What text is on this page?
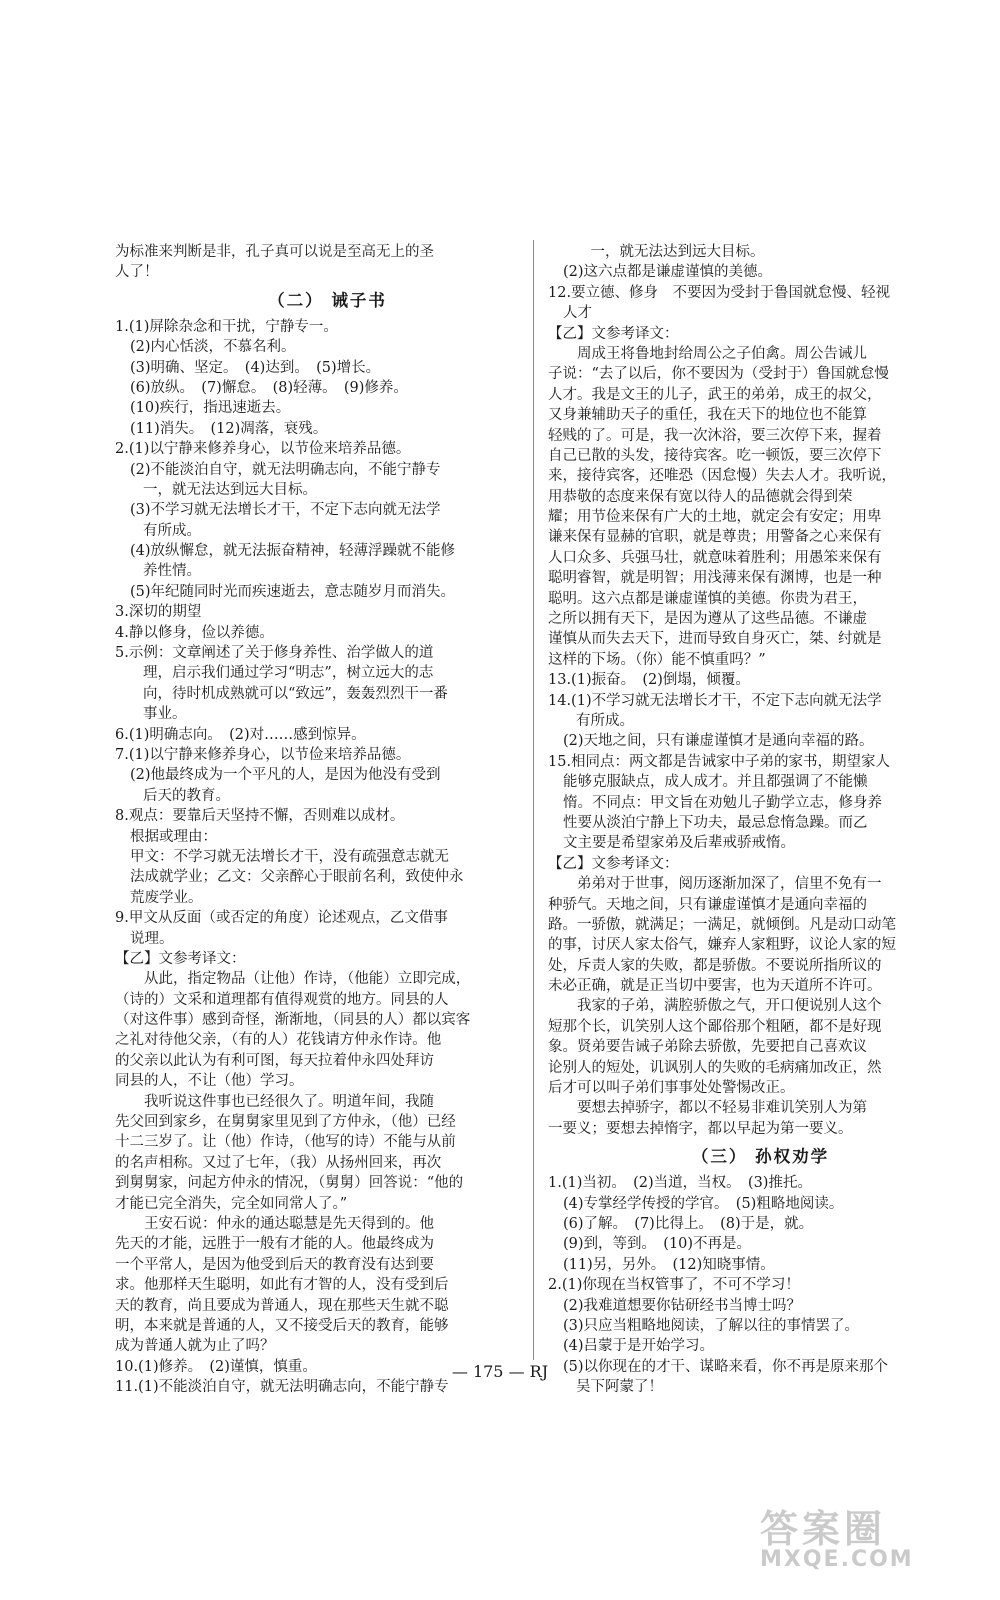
为标准来判断是非，孔子真可以说是至高无上的圣
人了！
（二） 诫子书
1.(1)屏除杂念和干扰，宁静专一。
(2)内心恬淡，不慕名利。
(3)明确、坚定。　(4)达到。　(5)增长。
(6)放纵。　(7)懈怠。　(8)轻薄。　(9)修养。
(10)疾行，指迅速逝去。
(11)消失。　(12)凋落，衰残。
2.(1)以宁静来修养身心，以节俭来培养品德。
(2)不能淡泊自守，就无法明确志向，不能宁静专
一，就无法达到远大目标。
(3)不学习就无法增长才干，不定下志向就无法学
有所成。
(4)放纵懈怠，就无法振奋精神，轻薄浮躁就不能修
养性情。
(5)年纪随同时光而疾速逝去，意志随岁月而消失。
3.深切的期望
4.静以修身，俭以养德。
5.示例：文章阐述了关于修身养性、治学做人的道
理，启示我们通过学习“明志”，树立远大的志
向，待时机成熟就可以“致远”，轰轰烈烈干一番
事业。
6.(1)明确志向。　(2)对……感到惊异。
7.(1)以宁静来修养身心，以节俭来培养品德。
(2)他最终成为一个平凡的人，是因为他没有受到
后天的教育。
8.观点：要靠后天坚持不懈，否则难以成材。
根据或理由：
甲文：不学习就无法增长才干，没有疏强意志就无
法成就学业；乙文：父亲醉心于眼前名利，致使仲永
荒废学业。
9.甲文从反面（或否定的角度）论述观点，乙文借事
说理。
【乙】文参考译文：
　　从此，指定物品（让他）作诗，（他能）立即完成，
（诗的）文采和道理都有值得观赏的地方。同县的人
（对这件事）感到奇怪，渐渐地，（同县的人）都以宾客
之礼对待他父亲，（有的人）花钱请方仲永作诗。他
的父亲以此认为有利可图，每天拉着仲永四处拜访
同县的人，不让（他）学习。
　　我听说这件事也已经很久了。明道年间，我随
先父回到家乡，在舅舅家里见到了方仲永，（他）已经
十二三岁了。让（他）作诗，（他写的诗）不能与从前
的名声相称。又过了七年，（我）从扬州回来，再次
到舅舅家，问起方仲永的情况，（舅舅）回答说：“他的
才能已完全消失，完全如同常人了。”
　　王安石说：仲永的通达聪慧是先天得到的。他
先天的才能，远胜于一般有才能的人。他最终成为
一个平常人，是因为他受到后天的教育没有达到要
求。他那样天生聪明，如此有才智的人，没有受到后
天的教育，尚且要成为普通人，现在那些天生就不聪
明，本来就是普通的人，又不接受后天的教育，能够
成为普通人就为止了吗？
10.(1)修养。　(2)谨慎，慎重。
11.(1)不能淡泊自守，就无法明确志向，不能宁静专
　一，就无法达到远大目标。
(2)这六点都是谦虚谨慎的美德。
12.要立德、修身　不要因为受封于鲁国就怠慢、轻视
人才
【乙】文参考译文：
　　周成王将鲁地封给周公之子伯禽。周公告诫儿
子说：“去了以后，你不要因为（受封于）鲁国就怠慢
人才。我是文王的儿子，武王的弟弟，成王的叔父，
又身兼辅助天子的重任，我在天下的地位也不能算
轻贱的了。可是，我一次沐浴，要三次停下来，握着
自己已散的头发，接待宾客。吃一顿饭，要三次停下
来，接待宾客，还唯恐（因怠慢）失去人才。我听说，
用恭敬的态度来保有宽以待人的品德就会得到荣
耀；用节俭来保有广大的土地，就定会有安定；用卑
谦来保有显赫的官职，就是尊贵；用警备之心来保有
人口众多、兵强马壮，就意味着胜利；用愚笨来保有
聪明睿智，就是明智；用浅薄来保有渊博，也是一种
聪明。这六点都是谦虚谨慎的美德。你贵为君王，
之所以拥有天下，是因为遵从了这些品德。不谦虚
谨慎从而失去天下，进而导致自身灭亡，桀、纣就是
这样的下场。（你）能不慎重吗？”
13.(1)振奋。　(2)倒塌，倾覆。
14.(1)不学习就无法增长才干，不定下志向就无法学
有所成。
(2)天地之间，只有谦虚谨慎才是通向幸福的路。
15.相同点：两文都是告诫家中子弟的家书，期望家人
能够克服缺点，成人成才。并且都强调了不能懒
惰。不同点：甲文旨在劝勉儿子勤学立志，修身养
性要从淡泊宁静上下功夫，最忌怠惰急躁。而乙
文主要是希望家弟及后辈戒骄戒惰。
【乙】文参考译文：
　　弟弟对于世事，阅历逐渐加深了，信里不免有一
种骄气。天地之间，只有谦虚谨慎才是通向幸福的
路。一骄傲，就满足；一满足，就倾倒。凡是动口动笔
的事，讨厌人家太俗气，嫌弃人家粗野，议论人家的短
处，斥责人家的失败，都是骄傲。不要说所指所议的
未必正确，就是正当切中要害，也为天道所不许可。
　　我家的子弟，满腔骄傲之气，开口便说别人这个
短那个长，讥笑别人这个鄙俗那个粗陋，都不是好现
象。贤弟要告诫子弟除去骄傲，先要把自己喜欢议
论别人的短处，讥讽别人的失败的毛病痛加改正，然
后才可以叫子弟们事事处处警惕改正。
　　要想去掉骄字，都以不轻易非难讥笑别人为第
一要义；要想去掉惰字，都以早起为第一要义。
（三） 孙权劝学
1.(1)当初。　(2)当道，当权。　(3)推托。
(4)专掌经学传授的学官。　(5)粗略地阅读。
(6)了解。　(7)比得上。　(8)于是，就。
(9)到，等到。　(10)不再是。
(11)另，另外。　(12)知晓事情。
2.(1)你现在当权管事了，不可不学习！
(2)我难道想要你钻研经书当博士吗？
(3)只应当粗略地阅读，了解以往的事情罢了。
(4)吕蒙于是开始学习。
(5)以你现在的才干、谋略来看，你不再是原来那个
吴下阿蒙了！
— 175 — RJ
答案圈
MXQE.COM
